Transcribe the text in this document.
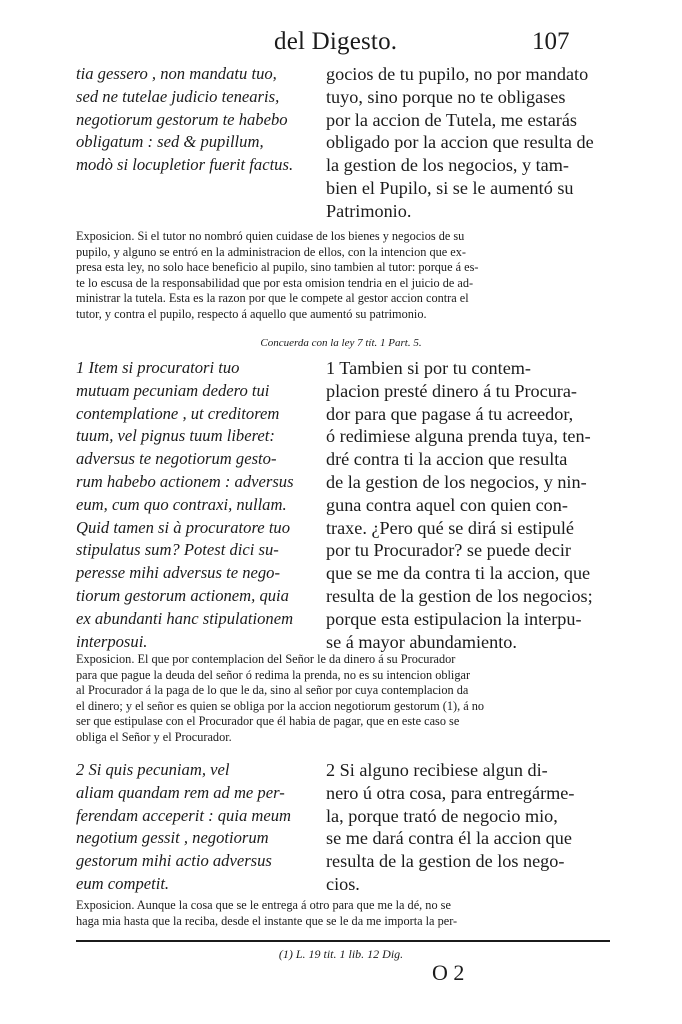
del Digesto.	107
tia gessero , non mandatu tuo,
sed ne tutelae judicio tenearis,
negotiorum gestorum te habebo
obligatum : sed & pupillum,
modò si locupletior fuerit factus.
gocios de tu pupilo, no por mandato
tuyo, sino porque no te obligases
por la accion de Tutela, me estarás
obligado por la accion que resulta de
la gestion de los negocios, y tam-
bien el Pupilo, si se le aumentó su
Patrimonio.
Exposicion. Si el tutor no nombró quien cuidase de los bienes y negocios de su
pupilo, y alguno se entró en la administracion de ellos, con la intencion que ex-
presa esta ley, no solo hace beneficio al pupilo, sino tambien al tutor: porque á es-
te lo escusa de la responsabilidad que por esta omision tendria en el juicio de ad-
ministrar la tutela. Esta es la razon por que le compete al gestor accion contra el
tutor, y contra el pupilo, respecto á aquello que aumentó su patrimonio.
Concuerda con la ley 7 tít. 1 Part. 5.
1 Item si procuratori tuo
mutuam pecuniam dedero tui
contemplatione , ut creditorem
tuum, vel pignus tuum liberet:
adversus te negotiorum gesto-
rum habebo actionem : adversus
eum, cum quo contraxi, nullam.
Quid tamen si à procuratore tuo
stipulatus sum? Potest dici su-
peresse mihi adversus te nego-
tiorum gestorum actionem, quia
ex abundanti hanc stipulationem
interposui.
1 Tambien si por tu contem-
placion presté dinero á tu Procura-
dor para que pagase á tu acreedor,
ó redimiese alguna prenda tuya, ten-
dré contra ti la accion que resulta
de la gestion de los negocios, y nin-
guna contra aquel con quien con-
traxe. ¿Pero qué se dirá si estipulé
por tu Procurador? se puede decir
que se me da contra ti la accion, que
resulta de la gestion de los negocios;
porque esta estipulacion la interpu-
se á mayor abundamiento.
Exposicion. El que por contemplacion del Señor le da dinero á su Procurador
para que pague la deuda del señor ó redima la prenda, no es su intencion obligar
al Procurador á la paga de lo que le da, sino al señor por cuya contemplacion da
el dinero; y el señor es quien se obliga por la accion negotiorum gestorum (1), á no
ser que estipulase con el Procurador que él habia de pagar, que en este caso se
obliga el Señor y el Procurador.
2 Si quis pecuniam, vel
aliam quandam rem ad me per-
ferendam acceperit : quia meum
negotium gessit , negotiorum
gestorum mihi actio adversus
eum competit.
2 Si alguno recibiese algun di-
nero ú otra cosa, para entregárme-
la, porque trató de negocio mio,
se me dará contra él la accion que
resulta de la gestion de los nego-
cios.
Exposicion. Aunque la cosa que se le entrega á otro para que me la dé, no se
haga mia hasta que la reciba, desde el instante que se le da me importa la per-
(1) L. 19 tit. 1 lib. 12 Dig.
O 2
